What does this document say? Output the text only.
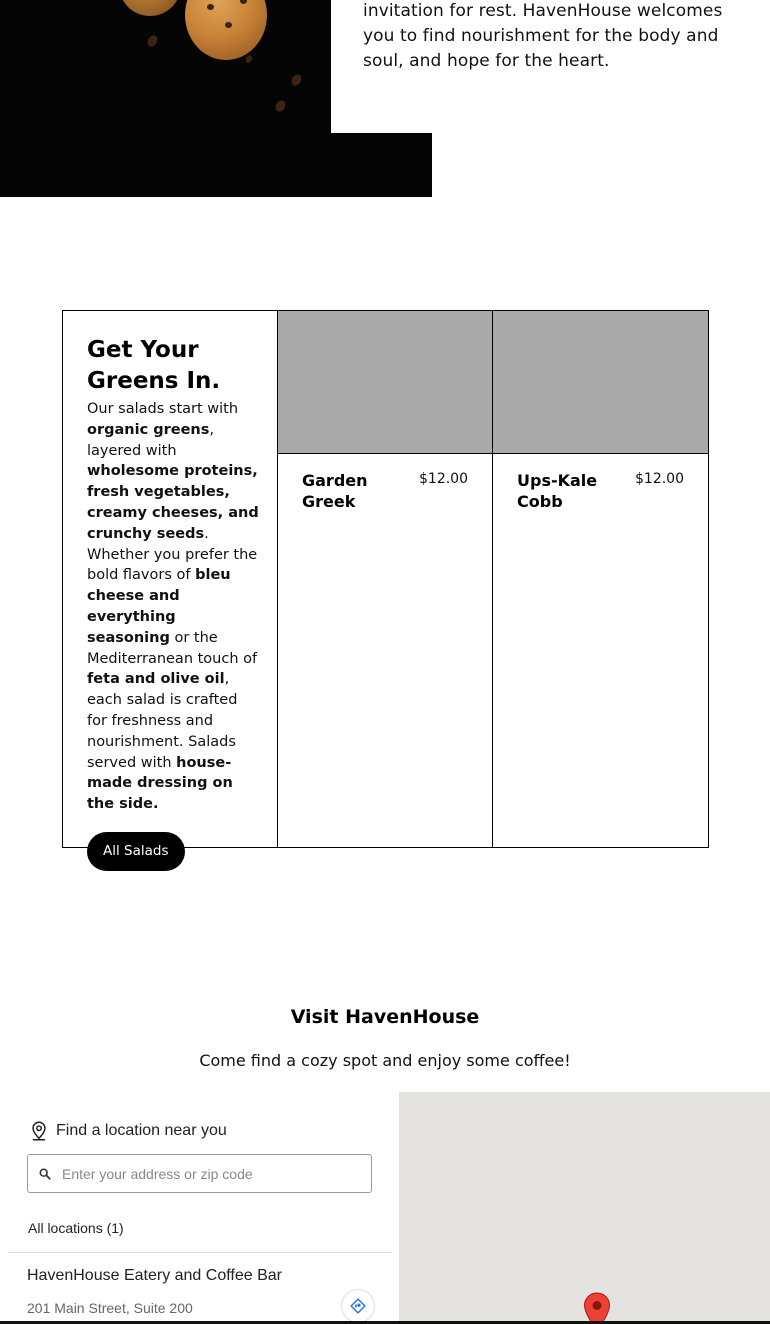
invitation for rest. HavenHouse welcomes you to find nourishment for the body and soul, and hope for the heart.

Get Your Greens In.

Our salads start with organic greens, layered with wholesome proteins, fresh vegetables, creamy cheeses, and crunchy seeds. Whether you prefer the bold flavors of bleu cheese and everything seasoning or the Mediterranean touch of feta and olive oil, each salad is crafted for freshness and nourishment. Salads served with house-made dressing on the side.

All Salads
Garden Greek
$12.00	Ups-Kale Cobb
$12.00
Visit HavenHouse

Come find a cozy spot and enjoy some coffee!

Find a location near you
Enter your address or zip code
All locations (1)
HavenHouse Eatery and Coffee Bar
201 Main Street, Suite 200
